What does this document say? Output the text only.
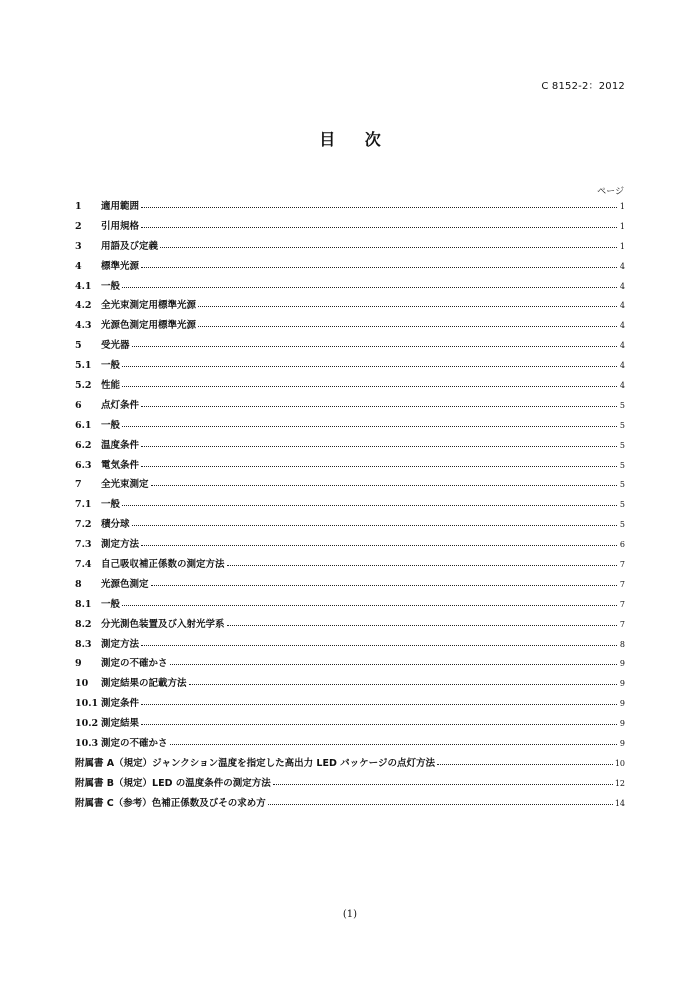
C 8152-2：2012
目 次
ページ
1	適用範囲	1
2	引用規格	1
3	用語及び定義	1
4	標準光源	4
4.1 一般	4
4.2 全光束測定用標準光源	4
4.3 光源色測定用標準光源	4
5	受光器	4
5.1 一般	4
5.2 性能	4
6	点灯条件	5
6.1 一般	5
6.2 温度条件	5
6.3 電気条件	5
7	全光束測定	5
7.1 一般	5
7.2 積分球	5
7.3 測定方法	6
7.4 自己吸収補正係数の測定方法	7
8	光源色測定	7
8.1 一般	7
8.2 分光測色装置及び入射光学系	7
8.3 測定方法	8
9	測定の不確かさ	9
10	測定結果の記載方法	9
10.1 測定条件	9
10.2 測定結果	9
10.3 測定の不確かさ	9
附属書 A（規定）ジャンクション温度を指定した高出力 LED パッケージの点灯方法	10
附属書 B（規定）LED の温度条件の測定方法	12
附属書 C（参考）色補正係数及びその求め方	14
(1)
